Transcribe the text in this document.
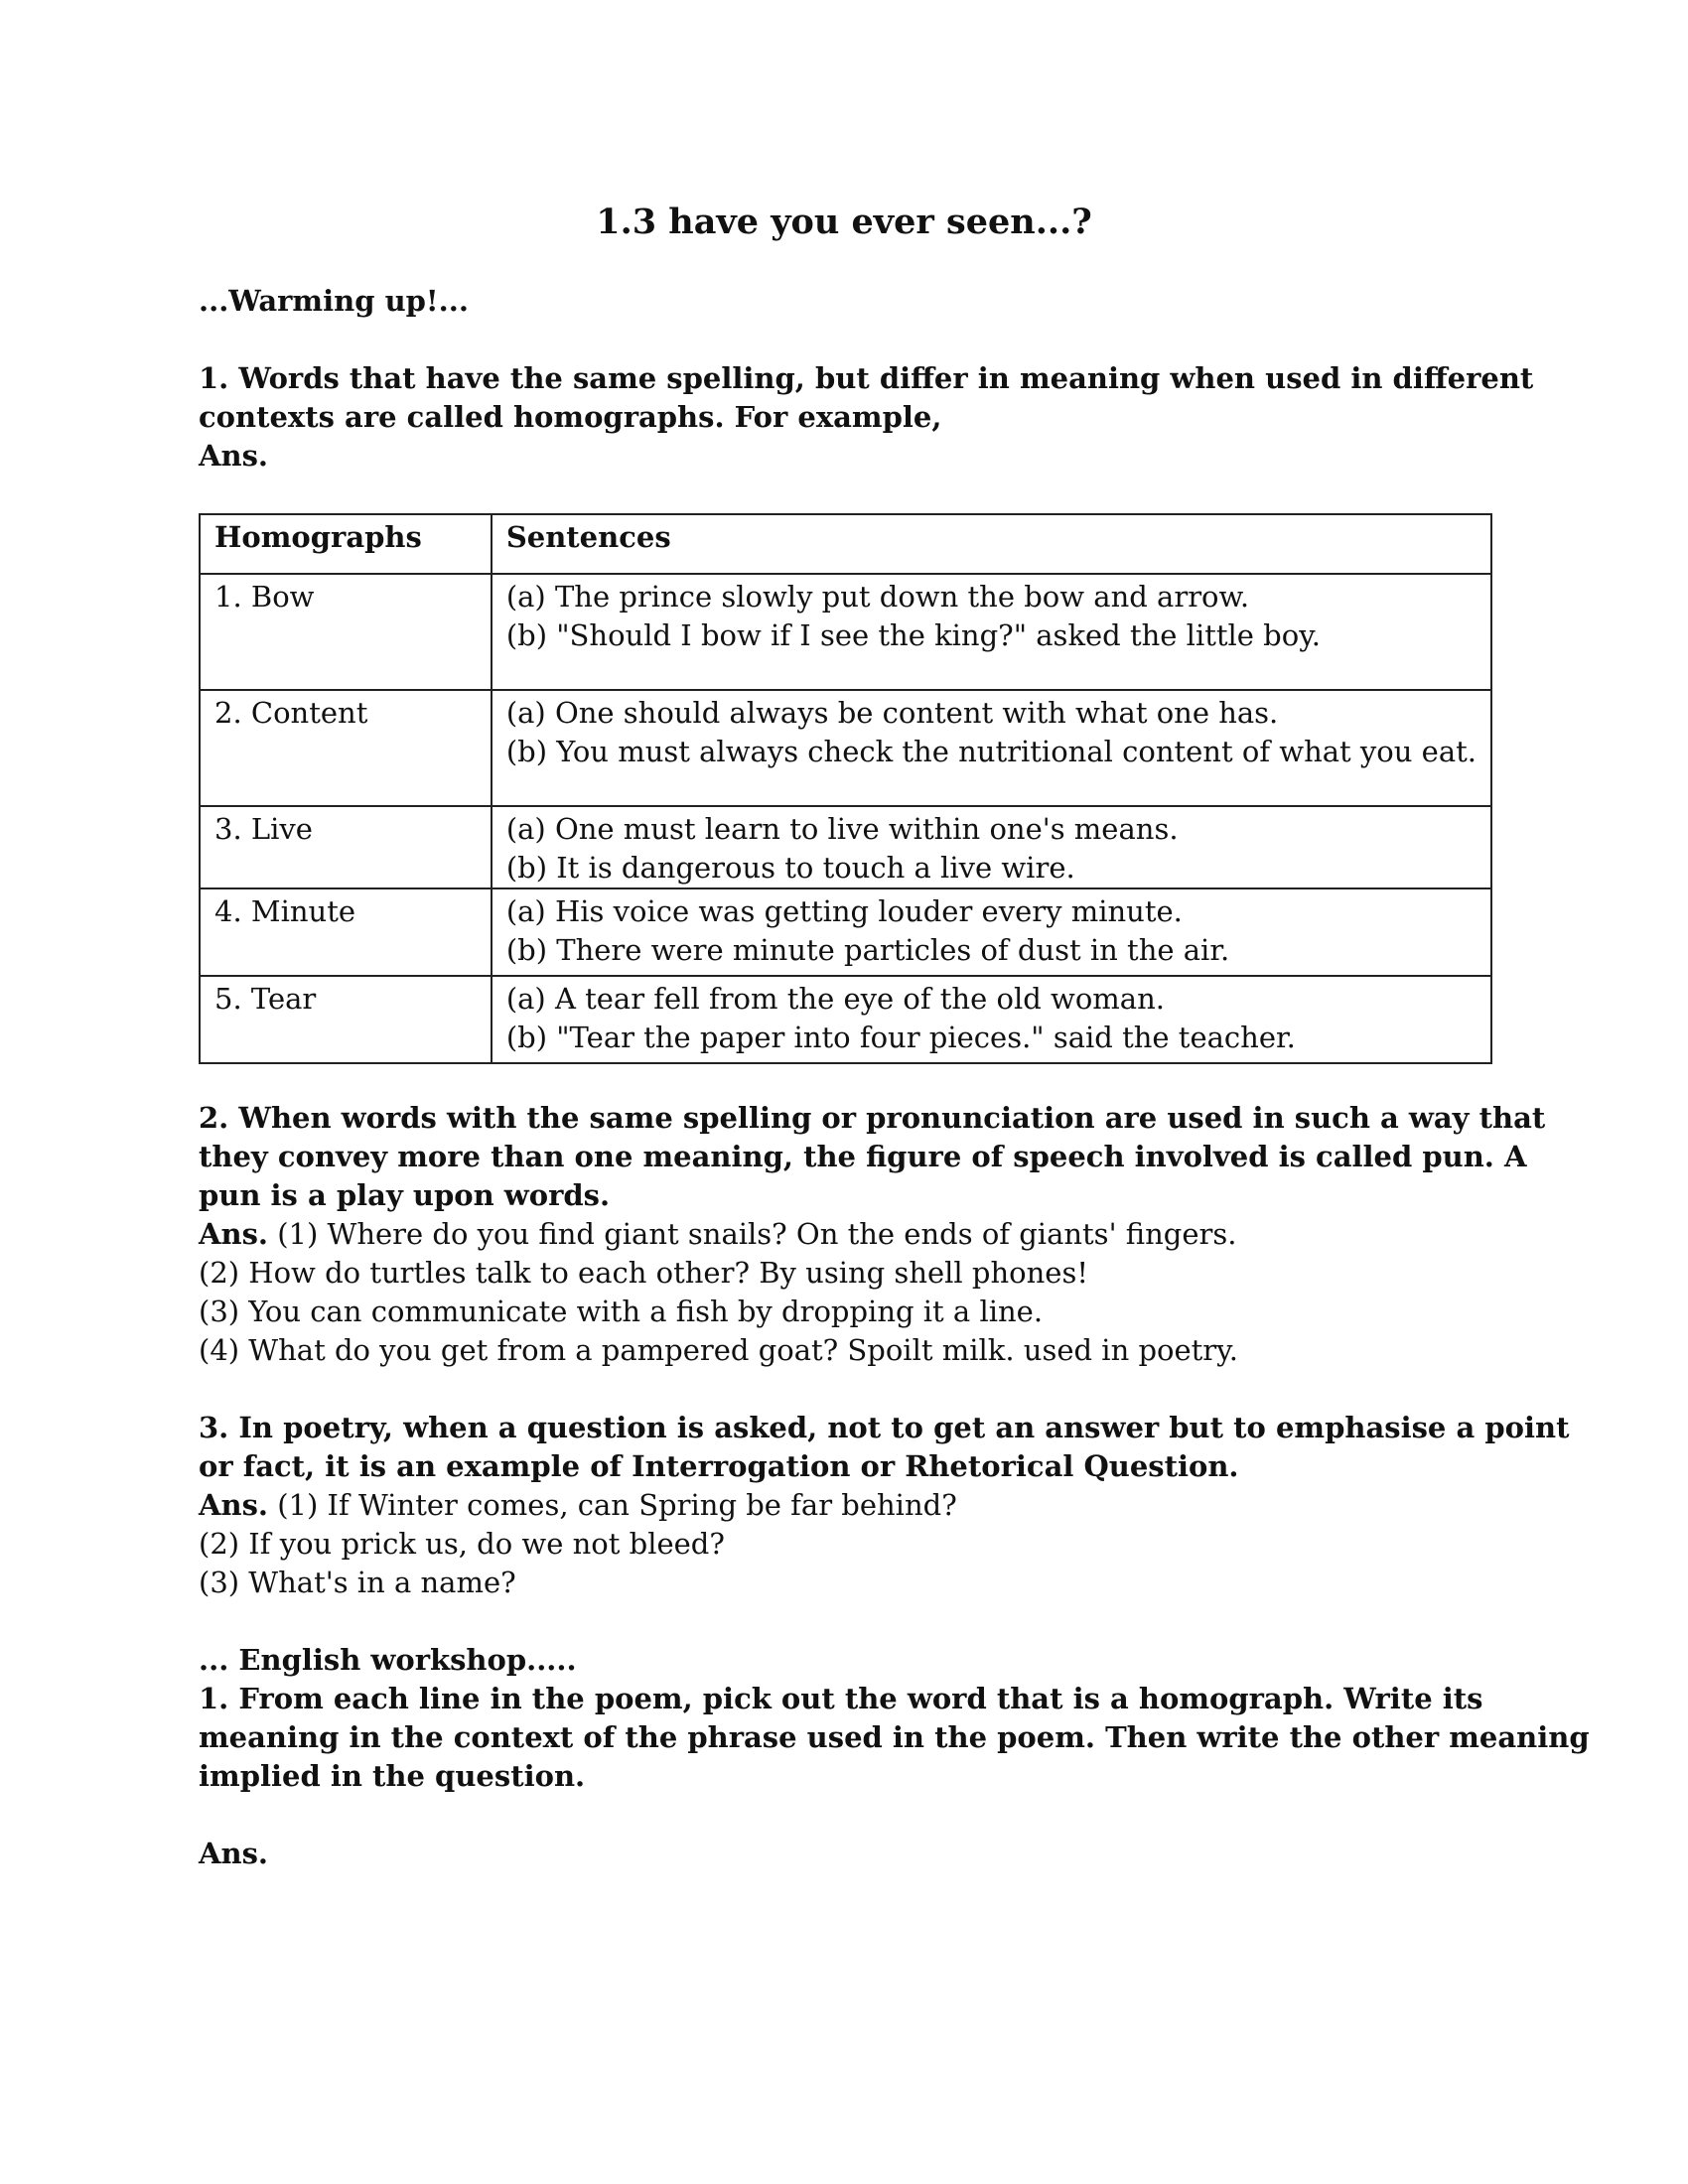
1.3 have you ever seen...?

...Warming up!...

1. Words that have the same spelling, but differ in meaning when used in different

contexts are called homographs. For example,

Ans.

Homographs	Sentences
1. Bow	(a) The prince slowly put down the bow and arrow.
(b) "Should I bow if I see the king?" asked the little boy.

2. Content	(a) One should always be content with what one has.
(b) You must always check the nutritional content of what you eat.

3. Live	(a) One must learn to live within one's means.
(b) It is dangerous to touch a live wire.

4. Minute	(a) His voice was getting louder every minute.
(b) There were minute particles of dust in the air.

5. Tear	(a) A tear fell from the eye of the old woman.
(b) "Tear the paper into four pieces." said the teacher.

2. When words with the same spelling or pronunciation are used in such a way that

they convey more than one meaning, the figure of speech involved is called pun. A

pun is a play upon words.

Ans. (1) Where do you find giant snails? On the ends of giants' fingers.

(2) How do turtles talk to each other? By using shell phones!

(3) You can communicate with a fish by dropping it a line.

(4) What do you get from a pampered goat? Spoilt milk. used in poetry.

3. In poetry, when a question is asked, not to get an answer but to emphasise a point

or fact, it is an example of Interrogation or Rhetorical Question.

Ans. (1) If Winter comes, can Spring be far behind?

(2) If you prick us, do we not bleed?

(3) What's in a name?

... English workshop.....

1. From each line in the poem, pick out the word that is a homograph. Write its

meaning in the context of the phrase used in the poem. Then write the other meaning

implied in the question.

Ans.
